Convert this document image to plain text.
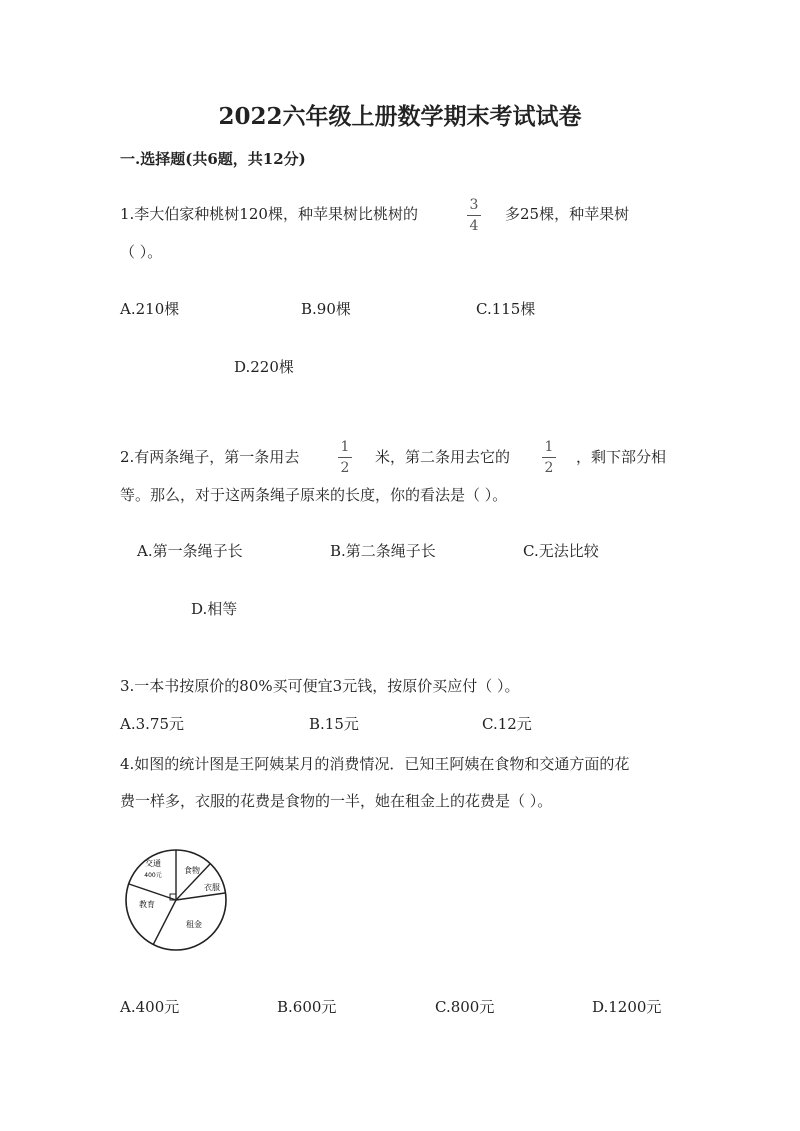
2022六年级上册数学期末考试试卷
一.选择题(共6题，共12分)
1.李大伯家种桃树120棵，种苹果树比桃树的	3
4
多25棵，种苹果树
（ ）。
A.210棵	B.90棵	C.115棵
D.220棵
2.有两条绳子，第一条用去
1
2
米，第二条用去它的
1
2
，剩下部分相
等。那么，对于这两条绳子原来的长度，你的看法是（ ）。
A.第一条绳子长	B.第二条绳子长	C.无法比较
D.相等
3.一本书按原价的80%买可便宜3元钱，按原价买应付（ ）。
A.3.75元	B.15元	C.12元
4.如图的统计图是王阿姨某月的消费情况．已知王阿姨在食物和交通方面的花
费一样多，衣服的花费是食物的一半，她在租金上的花费是（ ）。
交通
400元
食物
衣服
教育
租金
A.400元	B.600元	C.800元	D.1200元
